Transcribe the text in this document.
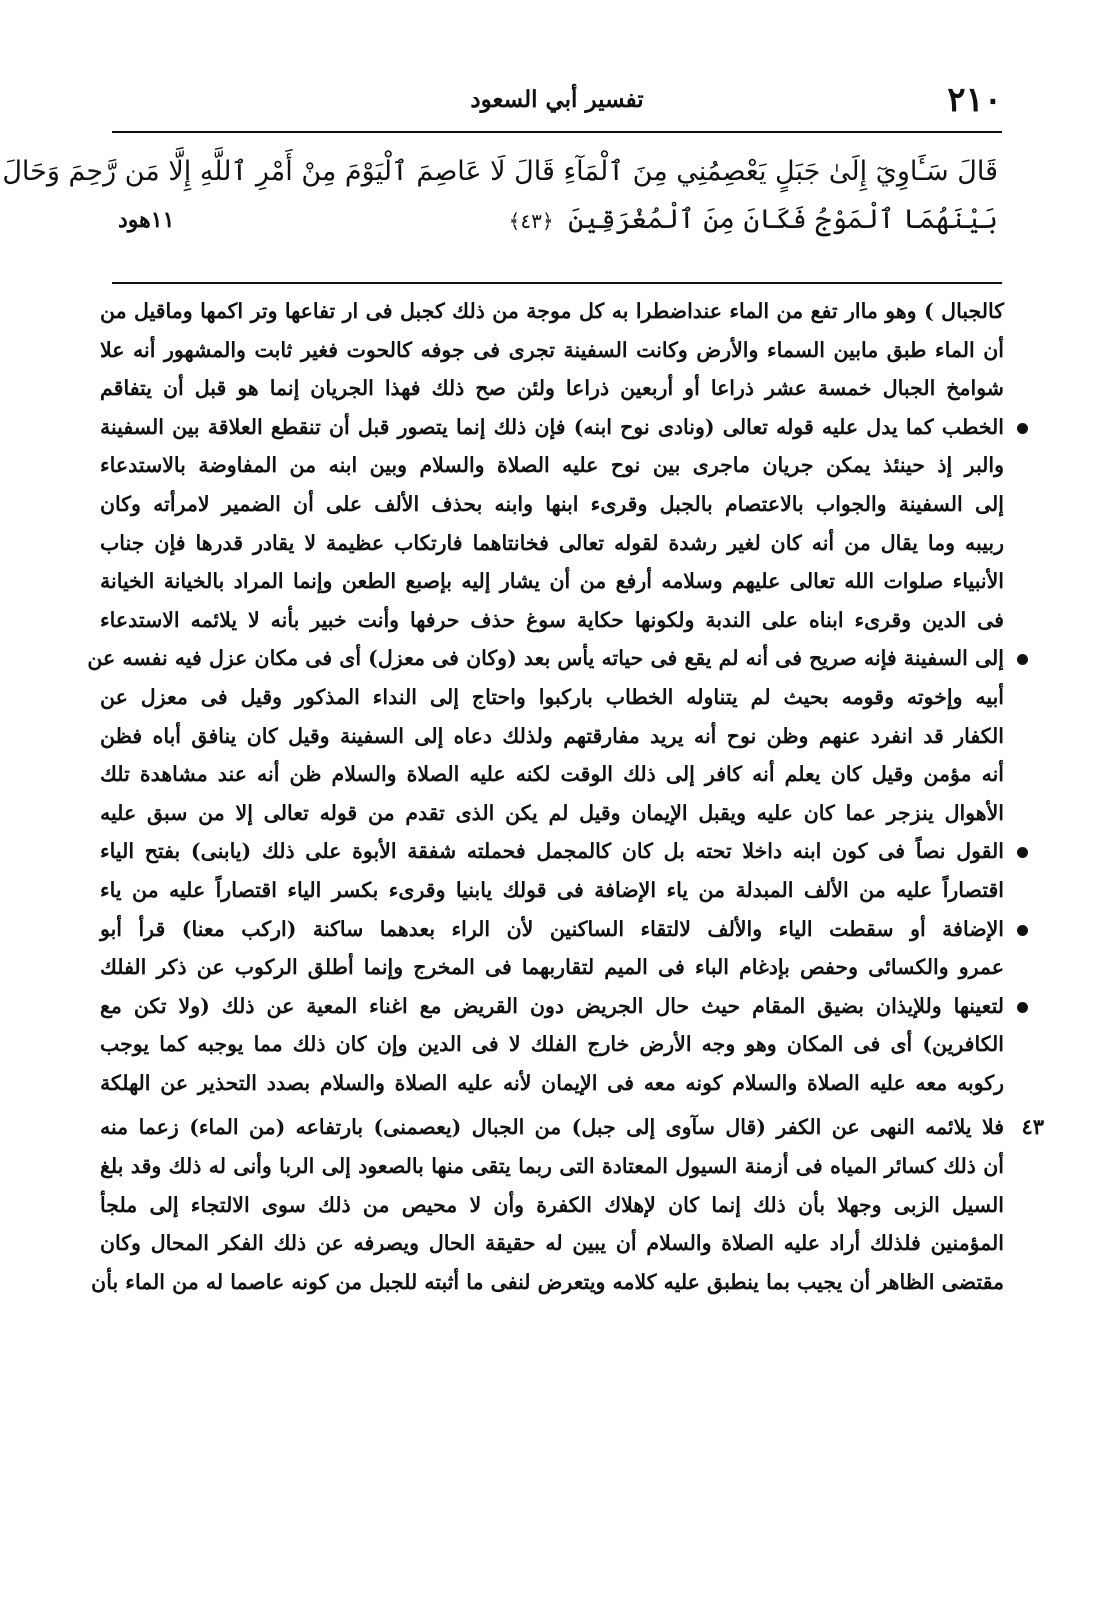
٢١٠
تفسير أبي السعود
قَالَ سَـَٔاوِيٓ إِلَىٰ جَبَلٍ يَعْصِمُنِي مِنَ ٱلْمَآءِ قَالَ لَا عَاصِمَ ٱلْيَوْمَ مِنْ أَمْرِ ٱللَّهِ إِلَّا مَن رَّحِمَ وَحَالَ
بَيْنَهُمَا ٱلْمَوْجُ فَكَانَ مِنَ ٱلْمُغْرَقِينَ ﴿٤٣﴾
١١هود
كالجبال ) وهو ماار تفع من الماء عنداضطرا به كل موجة من ذلك كجبل فى ار تفاعها وتر اكمها وماقيل من
أن الماء طبق مابين السماء والأرض وكانت السفينة تجرى فى جوفه كالحوت فغير ثابت والمشهور أنه علا
شوامخ الجبال خمسة عشر ذراعا أو أربعين ذراعا ولئن صح ذلك فهذا الجريان إنما هو قبل أن يتفاقم
الخطب كما يدل عليه قوله تعالى (ونادى نوح ابنه) فإن ذلك إنما يتصور قبل أن تنقطع العلاقة بين السفينة
والبر إذ حينئذ يمكن جريان ماجرى بين نوح عليه الصلاة والسلام وبين ابنه من المفاوضة بالاستدعاء
إلى السفينة والجواب بالاعتصام بالجبل وقرىء ابنها وابنه بحذف الألف على أن الضمير لامرأته وكان
ربيبه وما يقال من أنه كان لغير رشدة لقوله تعالى فخانتاهما فارتكاب عظيمة لا يقادر قدرها فإن جناب
الأنبياء صلوات الله تعالى عليهم وسلامه أرفع من أن يشار إليه بإصبع الطعن وإنما المراد بالخيانة الخيانة
فى الدين وقرىء ابناه على الندبة ولكونها حكاية سوغ حذف حرفها وأنت خبير بأنه لا يلائمه الاستدعاء
إلى السفينة فإنه صريح فى أنه لم يقع فى حياته يأس بعد (وكان فى معزل) أى فى مكان عزل فيه نفسه عن
أبيه وإخوته وقومه بحيث لم يتناوله الخطاب باركبوا واحتاج إلى النداء المذكور وقيل فى معزل عن
الكفار قد انفرد عنهم وظن نوح أنه يريد مفارقتهم ولذلك دعاه إلى السفينة وقيل كان ينافق أباه فظن
أنه مؤمن وقيل كان يعلم أنه كافر إلى ذلك الوقت لكنه عليه الصلاة والسلام ظن أنه عند مشاهدة تلك
الأهوال ينزجر عما كان عليه ويقبل الإيمان وقيل لم يكن الذى تقدم من قوله تعالى إلا من سبق عليه
القول نصاً فى كون ابنه داخلا تحته بل كان كالمجمل فحملته شفقة الأبوة على ذلك (يابنى) بفتح الياء
اقتصاراً عليه من الألف المبدلة من ياء الإضافة فى قولك يابنيا وقرىء بكسر الياء اقتصاراً عليه من ياء
الإضافة أو سقطت الياء والألف لالتقاء الساكنين لأن الراء بعدهما ساكنة (اركب معنا) قرأ أبو
عمرو والكسائى وحفص بإدغام الباء فى الميم لتقاربهما فى المخرج وإنما أطلق الركوب عن ذكر الفلك
لتعينها وللإيذان بضيق المقام حيث حال الجريض دون القريض مع اغناء المعية عن ذلك (ولا تكن مع
الكافرين) أى فى المكان وهو وجه الأرض خارج الفلك لا فى الدين وإن كان ذلك مما يوجبه كما يوجب
ركوبه معه عليه الصلاة والسلام كونه معه فى الإيمان لأنه عليه الصلاة والسلام بصدد التحذير عن الهلكة
٤٣
فلا يلائمه النهى عن الكفر (قال سآوى إلى جبل) من الجبال (يعصمنى) بارتفاعه (من الماء) زعما منه
أن ذلك كسائر المياه فى أزمنة السيول المعتادة التى ربما يتقى منها بالصعود إلى الربا وأنى له ذلك وقد بلغ
السيل الزبى وجهلا بأن ذلك إنما كان لإهلاك الكفرة وأن لا محيص من ذلك سوى الالتجاء إلى ملجأ
المؤمنين فلذلك أراد عليه الصلاة والسلام أن يبين له حقيقة الحال ويصرفه عن ذلك الفكر المحال وكان
مقتضى الظاهر أن يجيب بما ينطبق عليه كلامه ويتعرض لنفى ما أثبته للجبل من كونه عاصما له من الماء بأن
